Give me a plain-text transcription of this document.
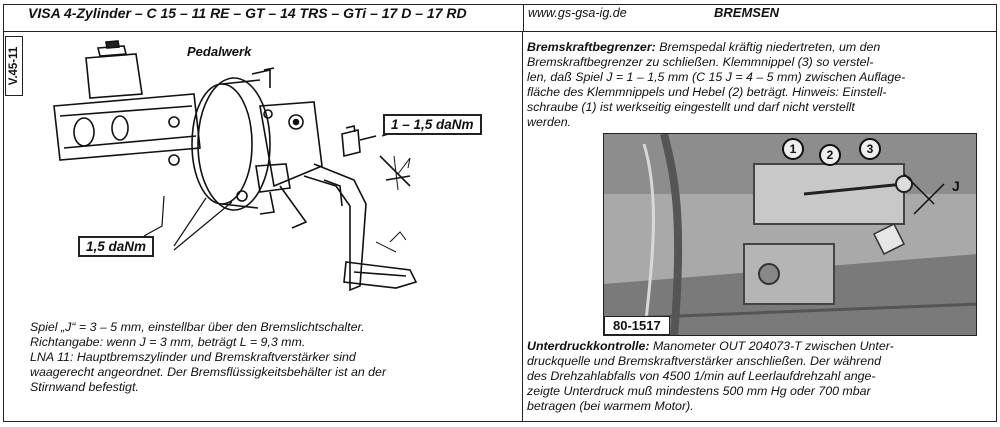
VISA 4-Zylinder – C 15 – 11 RE – GT – 14 TRS – GTi – 17 D – 17 RD	www.gs-gsa-ig.de	BREMSEN
V.45-11	Pedalwerk
1 – 1,5 daNm
1,5 daNm
Spiel „J“ = 3 – 5 mm, einstellbar über den Bremslichtschalter.
Richtangabe: wenn J = 3 mm, beträgt L = 9,3 mm.
LNA 11: Hauptbremszylinder und Bremskraftverstärker sind
waagerecht angeordnet. Der Bremsflüssigkeitsbehälter ist an der
Stirnwand befestigt.
Bremskraftbegrenzer: Bremspedal kräftig niedertreten, um den
Bremskraftbegrenzer zu schließen. Klemmnippel (3) so verstel-
len, daß Spiel J = 1 – 1,5 mm (C 15 J = 4 – 5 mm) zwischen Auflage-
fläche des Klemmnippels und Hebel (2) beträgt. Hinweis: Einstell-
schraube (1) ist werkseitig eingestellt und darf nicht verstellt
werden.
1	2	3
J
80-1517
Unterdruckkontrolle: Manometer OUT 204073-T zwischen Unter-
druckquelle und Bremskraftverstärker anschließen. Der während
des Drehzahlabfalls von 4500 1/min auf Leerlaufdrehzahl ange-
zeigte Unterdruck muß mindestens 500 mm Hg oder 700 mbar
betragen (bei warmem Motor).
